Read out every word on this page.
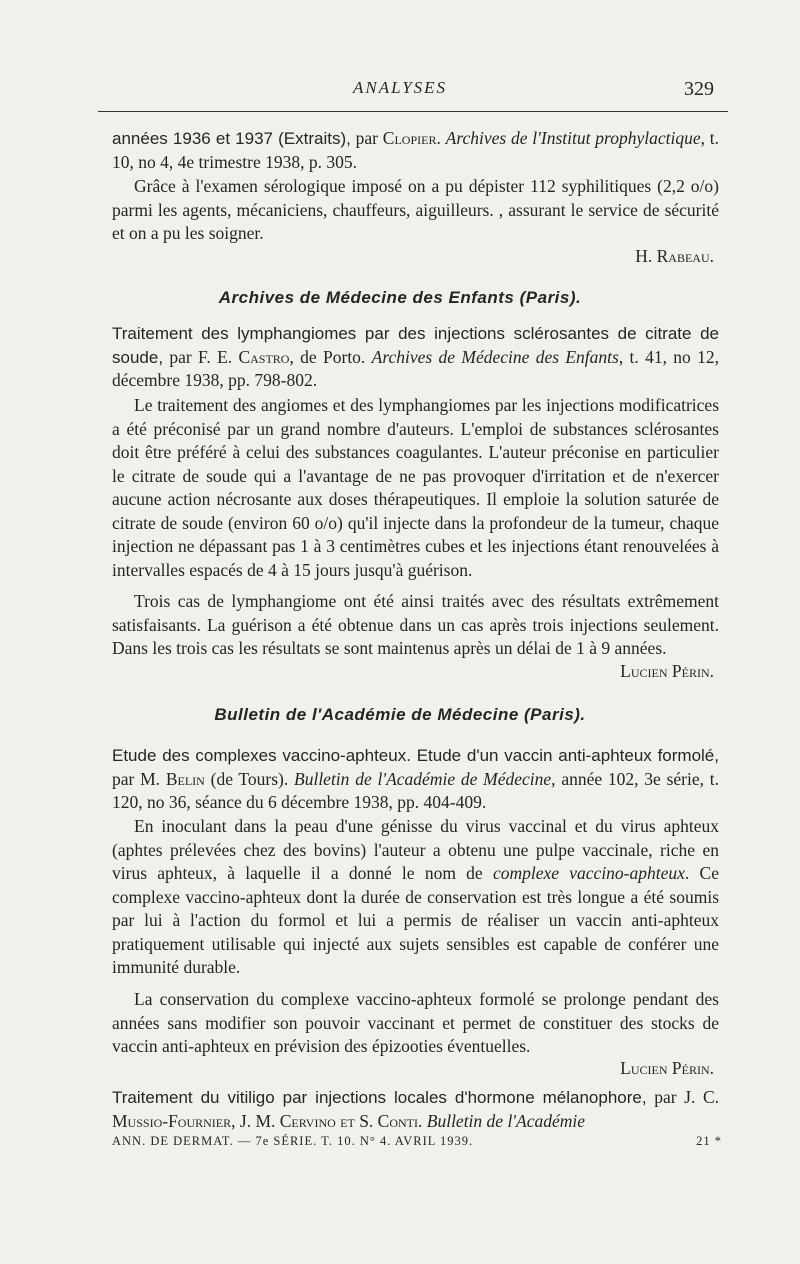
ANALYSES	329

années 1936 et 1937 (Extraits), par Clopier. Archives de l'Institut prophylactique, t. 10, no 4, 4e trimestre 1938, p. 305.

Grâce à l'examen sérologique imposé on a pu dépister 112 syphilitiques (2,2 o/o) parmi les agents, mécaniciens, chauffeurs, aiguilleurs. , assurant le service de sécurité et on a pu les soigner.

H. Rabeau.
Archives de Médecine des Enfants (Paris).

Traitement des lymphangiomes par des injections sclérosantes de citrate de soude, par F. E. Castro, de Porto. Archives de Médecine des Enfants, t. 41, no 12, décembre 1938, pp. 798-802.

Le traitement des angiomes et des lymphangiomes par les injections modificatrices a été préconisé par un grand nombre d'auteurs. L'emploi de substances sclérosantes doit être préféré à celui des substances coagulantes. L'auteur préconise en particulier le citrate de soude qui a l'avantage de ne pas provoquer d'irritation et de n'exercer aucune action nécrosante aux doses thérapeutiques. Il emploie la solution saturée de citrate de soude (environ 60 o/o) qu'il injecte dans la profondeur de la tumeur, chaque injection ne dépassant pas 1 à 3 centimètres cubes et les injections étant renouvelées à intervalles espacés de 4 à 15 jours jusqu'à guérison.

Trois cas de lymphangiome ont été ainsi traités avec des résultats extrêmement satisfaisants. La guérison a été obtenue dans un cas après trois injections seulement. Dans les trois cas les résultats se sont maintenus après un délai de 1 à 9 années.

Lucien Périn.
Bulletin de l'Académie de Médecine (Paris).

Etude des complexes vaccino-aphteux. Etude d'un vaccin anti-aphteux formolé, par M. Belin (de Tours). Bulletin de l'Académie de Médecine, année 102, 3e série, t. 120, no 36, séance du 6 décembre 1938, pp. 404-409.

En inoculant dans la peau d'une génisse du virus vaccinal et du virus aphteux (aphtes prélevées chez des bovins) l'auteur a obtenu une pulpe vaccinale, riche en virus aphteux, à laquelle il a donné le nom de complexe vaccino-aphteux. Ce complexe vaccino-aphteux dont la durée de conservation est très longue a été soumis par lui à l'action du formol et lui a permis de réaliser un vaccin anti-aphteux pratiquement utilisable qui injecté aux sujets sensibles est capable de conférer une immunité durable.

La conservation du complexe vaccino-aphteux formolé se prolonge pendant des années sans modifier son pouvoir vaccinant et permet de constituer des stocks de vaccin anti-aphteux en prévision des épizooties éventuelles.

Lucien Périn.

Traitement du vitiligo par injections locales d'hormone mélanophore, par J. C. Mussio-Fournier, J. M. Cervino et S. Conti. Bulletin de l'Académie

ANN. DE DERMAT. — 7e SÉRIE. T. 10. N° 4. AVRIL 1939.	21 *
